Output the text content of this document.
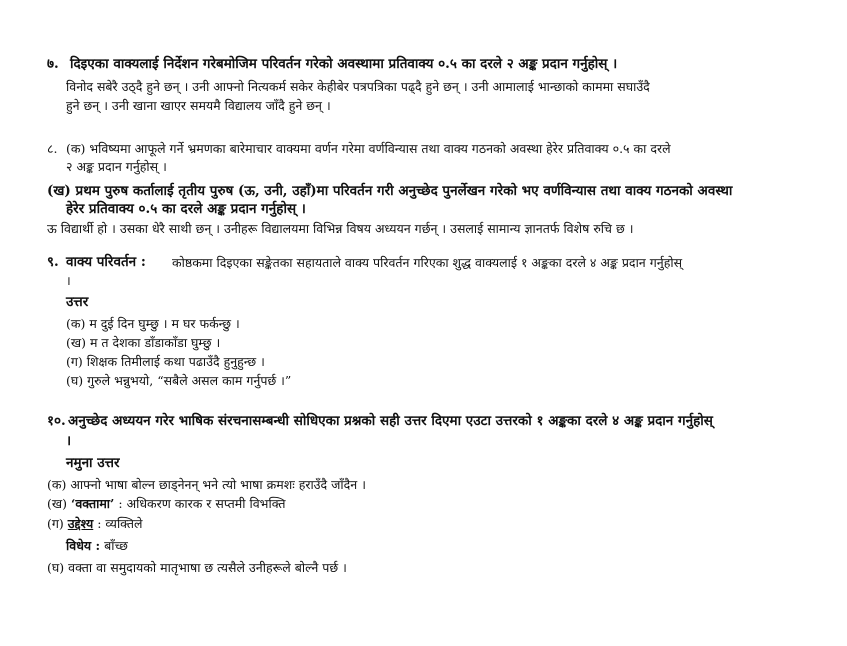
७. दिइएका वाक्यलाई निर्देशन गरेबमोजिम परिवर्तन गरेको अवस्थामा प्रतिवाक्य ०.५ का दरले २ अङ्क प्रदान गर्नुहोस् ।
विनोद सबेरै उठ्दै हुने छन् । उनी आफ्नो नित्यकर्म सकेर केहीबेर पत्रपत्रिका पढ्दै हुने छन् । उनी आमालाई भान्छाको काममा सघाउँदै
हुने छन् । उनी खाना खाएर समयमै विद्यालय जाँदै हुने छन् ।
८. (क) भविष्यमा आफूले गर्ने भ्रमणका बारेमाचार वाक्यमा वर्णन गरेमा वर्णविन्यास तथा वाक्य गठनको अवस्था हेरेर प्रतिवाक्य ०.५ का दरले
२ अङ्क प्रदान गर्नुहोस् ।
(ख) प्रथम पुरुष कर्तालाई तृतीय पुरुष (ऊ, उनी, उहाँ)मा परिवर्तन गरी अनुच्छेद पुनर्लेखन गरेको भए वर्णविन्यास तथा वाक्य गठनको अवस्था
हेरेर प्रतिवाक्य ०.५ का दरले अङ्क प्रदान गर्नुहोस् ।
ऊ विद्यार्थी हो । उसका धेरै साथी छन् । उनीहरू विद्यालयमा विभिन्न विषय अध्ययन गर्छन् । उसलाई सामान्य ज्ञानतर्फ विशेष रुचि छ ।
९. वाक्य परिवर्तन : कोष्ठकमा दिइएका सङ्केतका सहायताले वाक्य परिवर्तन गरिएका शुद्ध वाक्यलाई १ अङ्कका दरले ४ अङ्क प्रदान गर्नुहोस्
।
उत्तर
(क) म दुई दिन घुम्छु । म घर फर्कन्छु ।
(ख) म त देशका डाँडाकाँडा घुम्छु ।
(ग) शिक्षक तिमीलाई कथा पढाउँदै हुनुहुन्छ ।
(घ) गुरुले भन्नुभयो, “सबैले असल काम गर्नुपर्छ ।”
१०. अनुच्छेद अध्ययन गरेर भाषिक संरचनासम्बन्धी सोधिएका प्रश्नको सही उत्तर दिएमा एउटा उत्तरको १ अङ्कका दरले ४ अङ्क प्रदान गर्नुहोस्
।
नमुना उत्तर
(क) आफ्नो भाषा बोल्न छाड्नेनन् भने त्यो भाषा क्रमशः हराउँदै जाँदैन ।
(ख) ‘वक्तामा’ : अधिकरण कारक र सप्तमी विभक्ति
(ग) उद्देश्य : व्यक्तिले
विधेय : बाँच्छ
(घ) वक्ता वा समुदायको मातृभाषा छ त्यसैले उनीहरूले बोल्नै पर्छ ।
